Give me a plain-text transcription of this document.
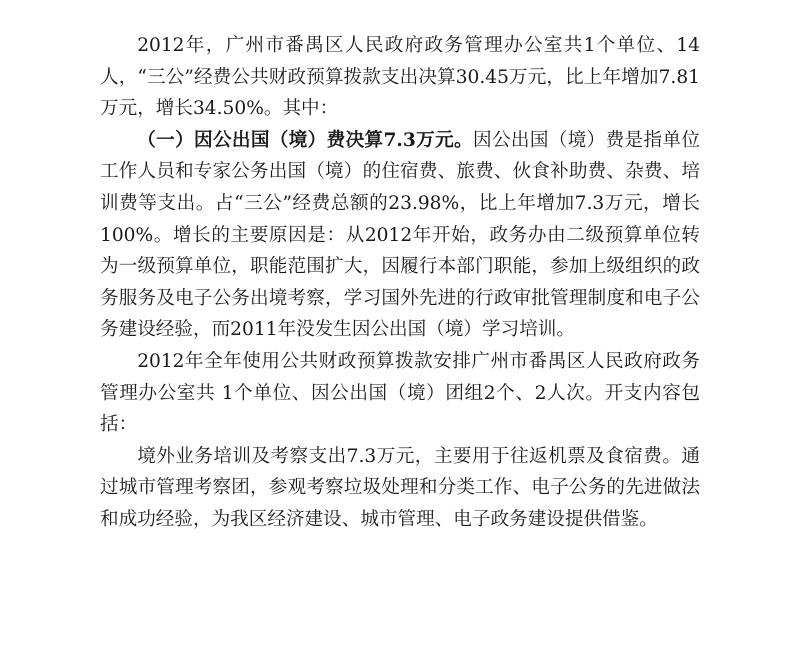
2012年，广州市番禺区人民政府政务管理办公室共1个单位、14人，“三公”经费公共财政预算拨款支出决算30.45万元，比上年增加7.81万元，增长34.50%。其中：

（一）因公出国（境）费决算7.3万元。因公出国（境）费是指单位工作人员和专家公务出国（境）的住宿费、旅费、伙食补助费、杂费、培训费等支出。占“三公”经费总额的23.98%，比上年增加7.3万元，增长100%。增长的主要原因是：从2012年开始，政务办由二级预算单位转为一级预算单位，职能范围扩大，因履行本部门职能，参加上级组织的政务服务及电子公务出境考察，学习国外先进的行政审批管理制度和电子公务建设经验，而2011年没发生因公出国（境）学习培训。

2012年全年使用公共财政预算拨款安排广州市番禺区人民政府政务管理办公室共 1个单位、因公出国（境）团组2个、2人次。开支内容包括：

境外业务培训及考察支出7.3万元，主要用于往返机票及食宿费。通过城市管理考察团，参观考察垃圾处理和分类工作、电子公务的先进做法和成功经验，为我区经济建设、城市管理、电子政务建设提供借鉴。
